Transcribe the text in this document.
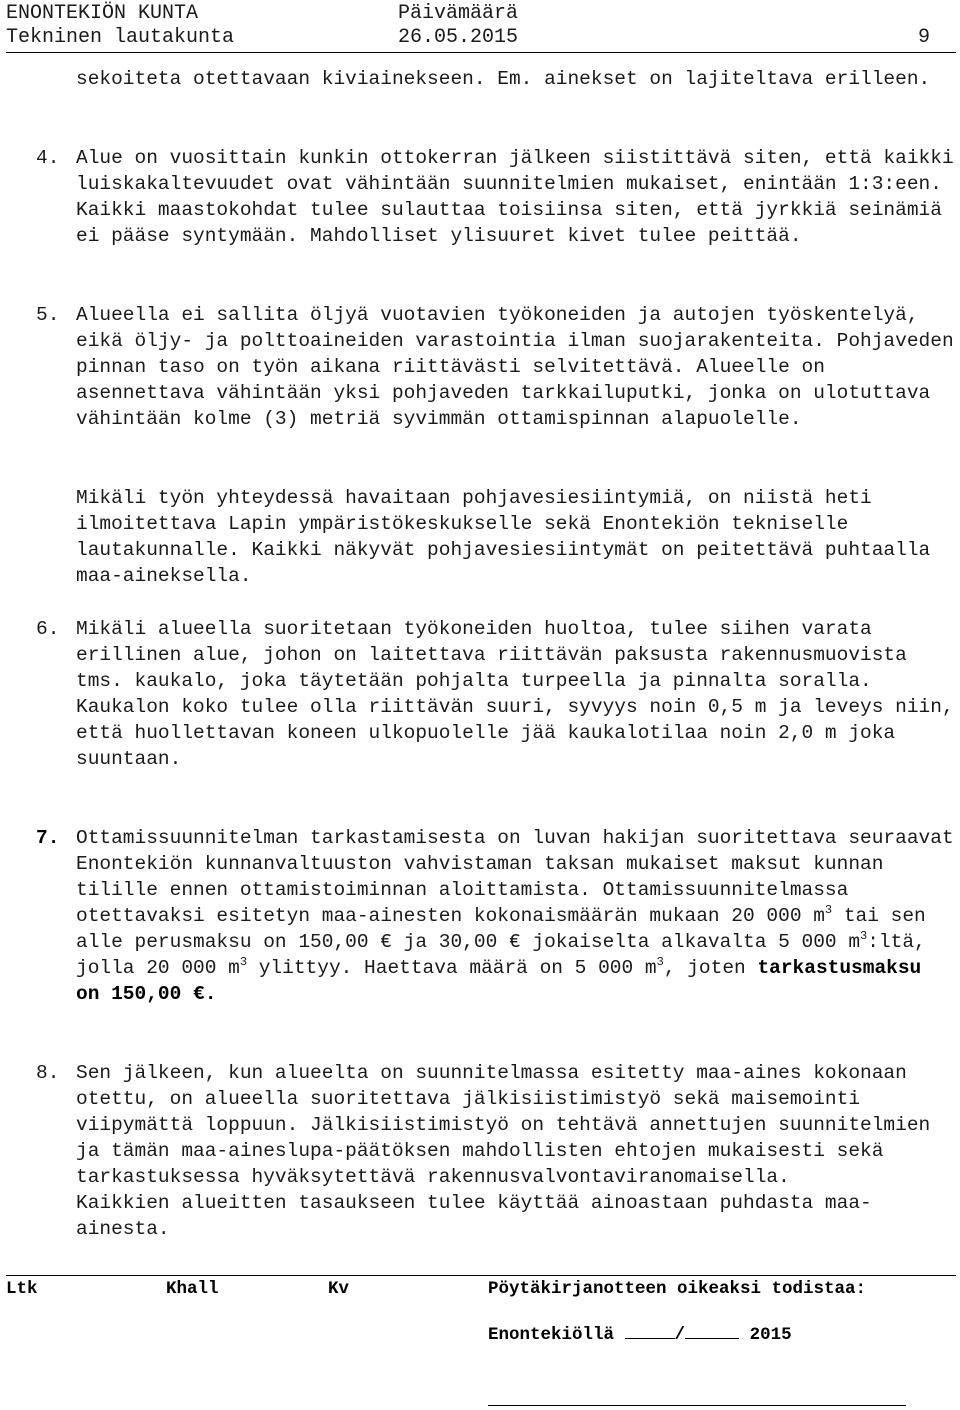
ENONTEKIÖN KUNTA	Päivämäärä
Tekninen lautakunta	26.05.2015	9
sekoiteta otettavaan kiviainekseen. Em. ainekset on lajiteltava erilleen.
4. Alue on vuosittain kunkin ottokerran jälkeen siistittävä siten, että kaikki luiskakaltevuudet ovat vähintään suunnitelmien mukaiset, enintään 1:3:een. Kaikki maastokohdat tulee sulauttaa toisiinsa siten, että jyrkkiä seinämiä ei pääse syntymään. Mahdolliset ylisuuret kivet tulee peittää.
5. Alueella ei sallita öljyä vuotavien työkoneiden ja autojen työskentelyä, eikä öljy- ja polttoaineiden varastointia ilman suojarakenteita. Pohjaveden pinnan taso on työn aikana riittävästi selvitettävä. Alueelle on asennettava vähintään yksi pohjaveden tarkkailuputki, jonka on ulotuttava vähintään kolme (3) metriä syvimmän ottamispinnan alapuolelle.
Mikäli työn yhteydessä havaitaan pohjavesiesiintymiä, on niistä heti ilmoitettava Lapin ympäristökeskukselle sekä Enontekiön tekniselle lautakunnalle. Kaikki näkyvät pohjavesiesiintymät on peitettävä puhtaalla maa-aineksella.
6. Mikäli alueella suoritetaan työkoneiden huoltoa, tulee siihen varata erillinen alue, johon on laitettava riittävän paksusta rakennusmuovista tms. kaukalo, joka täytetään pohjalta turpeella ja pinnalta soralla. Kaukalon koko tulee olla riittävän suuri, syvyys noin 0,5 m ja leveys niin, että huollettavan koneen ulkopuolelle jää kaukalotilaa noin 2,0 m joka suuntaan.
7. Ottamissuunnitelman tarkastamisesta on luvan hakijan suoritettava seuraavat Enontekiön kunnanvaltuuston vahvistaman taksan mukaiset maksut kunnan tilille ennen ottamistoiminnan aloittamista. Ottamissuunnitelmassa otettavaksi esitetyn maa-ainesten kokonaismäärän mukaan 20 000 $m^3$ tai sen alle perusmaksu on 150,00 € ja 30,00 € jokaiselta alkavalta 5 000 $m^3:ltä$, jolla 20 000 $m^3$ ylittyy. Haettava määrä on 5 000 $m^3$, joten tarkastusmaksu on 150,00 €.
8. Sen jälkeen, kun alueelta on suunnitelmassa esitetty maa-aines kokonaan otettu, on alueella suoritettava jälkisiistimistyö sekä maisemointi viipymättä loppuun. Jälkisiistimistyö on tehtävä annettujen suunnitelmien ja tämän maa-aineslupa-päätöksen mahdollisten ehtojen mukaisesti sekä tarkastuksessa hyväksytettävä rakennusvalvontaviranomaisella.
Kaikkien alueitten tasaukseen tulee käyttää ainoastaan puhdasta maa-ainesta.
Ltk	Khall	Kv	Pöytäkirjanotteen oikeaksi todistaa:
Enontekiöllä	/	2015
